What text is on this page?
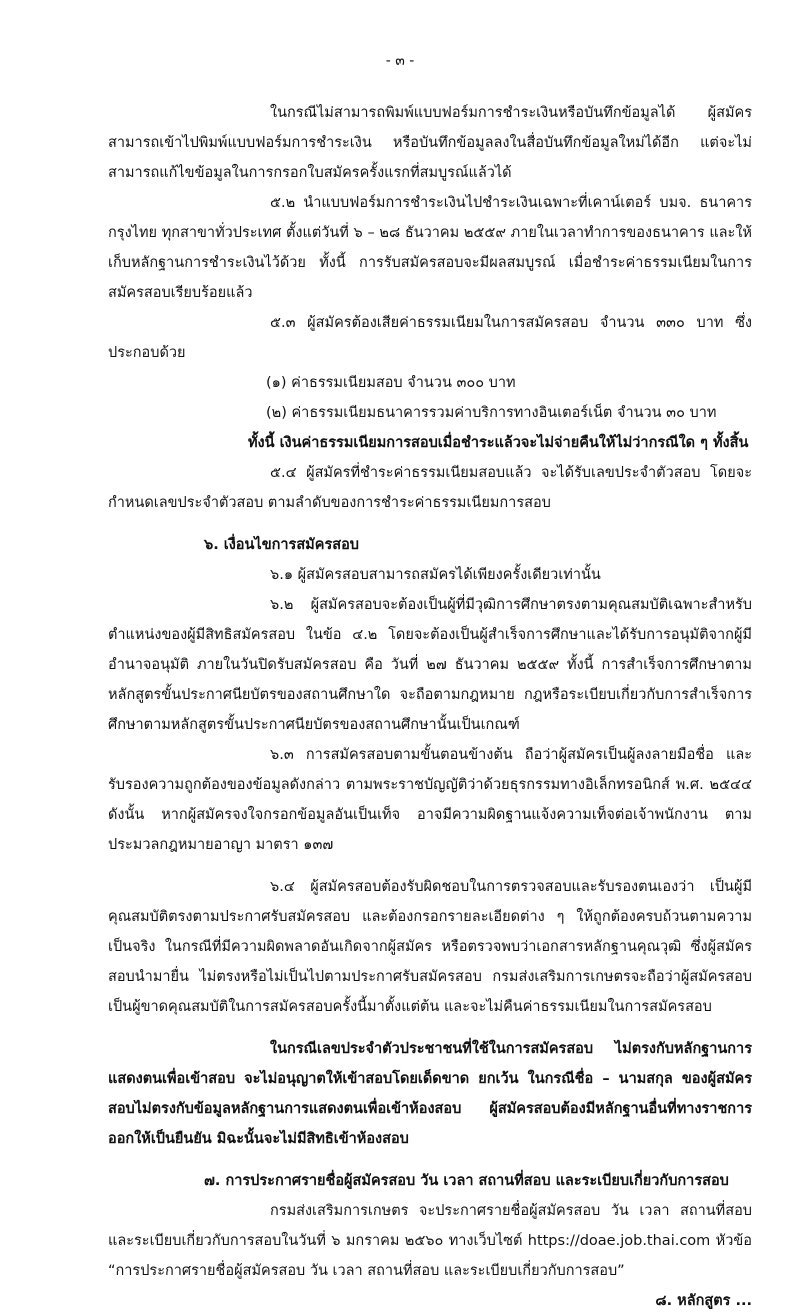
- ๓ -

ในกรณีไม่สามารถพิมพ์แบบฟอร์มการชำระเงินหรือบันทึกข้อมูลได้ ผู้สมัครสามารถเข้าไปพิมพ์แบบฟอร์มการชำระเงิน หรือบันทึกข้อมูลลงในสื่อบันทึกข้อมูลใหม่ได้อีก แต่จะไม่สามารถแก้ไขข้อมูลในการกรอกใบสมัครครั้งแรกที่สมบูรณ์แล้วได้

๕.๒ นำแบบฟอร์มการชำระเงินไปชำระเงินเฉพาะที่เคาน์เตอร์ บมจ. ธนาคารกรุงไทย ทุกสาขาทั่วประเทศ ตั้งแต่วันที่ ๖ – ๒๘ ธันวาคม ๒๕๕๙ ภายในเวลาทำการของธนาคาร และให้เก็บหลักฐานการชำระเงินไว้ด้วย ทั้งนี้ การรับสมัครสอบจะมีผลสมบูรณ์ เมื่อชำระค่าธรรมเนียมในการสมัครสอบเรียบร้อยแล้ว

๕.๓ ผู้สมัครต้องเสียค่าธรรมเนียมในการสมัครสอบ จำนวน ๓๓๐ บาท ซึ่งประกอบด้วย

(๑) ค่าธรรมเนียมสอบ จำนวน ๓๐๐ บาท

(๒) ค่าธรรมเนียมธนาคารรวมค่าบริการทางอินเตอร์เน็ต จำนวน ๓๐ บาท

ทั้งนี้ เงินค่าธรรมเนียมการสอบเมื่อชำระแล้วจะไม่จ่ายคืนให้ไม่ว่ากรณีใด ๆ ทั้งสิ้น

๕.๔ ผู้สมัครที่ชำระค่าธรรมเนียมสอบแล้ว จะได้รับเลขประจำตัวสอบ โดยจะกำหนดเลขประจำตัวสอบ ตามลำดับของการชำระค่าธรรมเนียมการสอบ

๖. เงื่อนไขการสมัครสอบ

๖.๑ ผู้สมัครสอบสามารถสมัครได้เพียงครั้งเดียวเท่านั้น

๖.๒ ผู้สมัครสอบจะต้องเป็นผู้ที่มีวุฒิการศึกษาตรงตามคุณสมบัติเฉพาะสำหรับตำแหน่งของผู้มีสิทธิสมัครสอบ ในข้อ ๔.๒ โดยจะต้องเป็นผู้สำเร็จการศึกษาและได้รับการอนุมัติจากผู้มีอำนาจอนุมัติ ภายในวันปิดรับสมัครสอบ คือ วันที่ ๒๗ ธันวาคม ๒๕๕๙ ทั้งนี้ การสำเร็จการศึกษาตามหลักสูตรขั้นประกาศนียบัตรของสถานศึกษาใด จะถือตามกฎหมาย กฎหรือระเบียบเกี่ยวกับการสำเร็จการศึกษาตามหลักสูตรขั้นประกาศนียบัตรของสถานศึกษานั้นเป็นเกณฑ์

๖.๓ การสมัครสอบตามขั้นตอนข้างต้น ถือว่าผู้สมัครเป็นผู้ลงลายมือชื่อ และรับรองความถูกต้องของข้อมูลดังกล่าว ตามพระราชบัญญัติว่าด้วยธุรกรรมทางอิเล็กทรอนิกส์ พ.ศ. ๒๕๔๔ ดังนั้น หากผู้สมัครจงใจกรอกข้อมูลอันเป็นเท็จ อาจมีความผิดฐานแจ้งความเท็จต่อเจ้าพนักงาน ตามประมวลกฎหมายอาญา มาตรา ๑๓๗

๖.๔ ผู้สมัครสอบต้องรับผิดชอบในการตรวจสอบและรับรองตนเองว่า เป็นผู้มีคุณสมบัติตรงตามประกาศรับสมัครสอบ และต้องกรอกรายละเอียดต่าง ๆ ให้ถูกต้องครบถ้วนตามความเป็นจริง ในกรณีที่มีความผิดพลาดอันเกิดจากผู้สมัคร หรือตรวจพบว่าเอกสารหลักฐานคุณวุฒิ ซึ่งผู้สมัครสอบนำมายื่น ไม่ตรงหรือไม่เป็นไปตามประกาศรับสมัครสอบ กรมส่งเสริมการเกษตรจะถือว่าผู้สมัครสอบเป็นผู้ขาดคุณสมบัติในการสมัครสอบครั้งนี้มาตั้งแต่ต้น และจะไม่คืนค่าธรรมเนียมในการสมัครสอบ

ในกรณีเลขประจำตัวประชาชนที่ใช้ในการสมัครสอบ ไม่ตรงกับหลักฐานการแสดงตนเพื่อเข้าสอบ จะไม่อนุญาตให้เข้าสอบโดยเด็ดขาด ยกเว้น ในกรณีชื่อ – นามสกุล ของผู้สมัครสอบไม่ตรงกับข้อมูลหลักฐานการแสดงตนเพื่อเข้าห้องสอบ ผู้สมัครสอบต้องมีหลักฐานอื่นที่ทางราชการออกให้เป็นยืนยัน มิฉะนั้นจะไม่มีสิทธิเข้าห้องสอบ

๗. การประกาศรายชื่อผู้สมัครสอบ วัน เวลา สถานที่สอบ และระเบียบเกี่ยวกับการสอบ

กรมส่งเสริมการเกษตร จะประกาศรายชื่อผู้สมัครสอบ วัน เวลา สถานที่สอบ และระเบียบเกี่ยวกับการสอบในวันที่ ๖ มกราคม ๒๕๖๐ ทางเว็บไซต์ https://doae.job.thai.com หัวข้อ “การประกาศรายชื่อผู้สมัครสอบ วัน เวลา สถานที่สอบ และระเบียบเกี่ยวกับการสอบ”

๘. หลักสูตร ...
